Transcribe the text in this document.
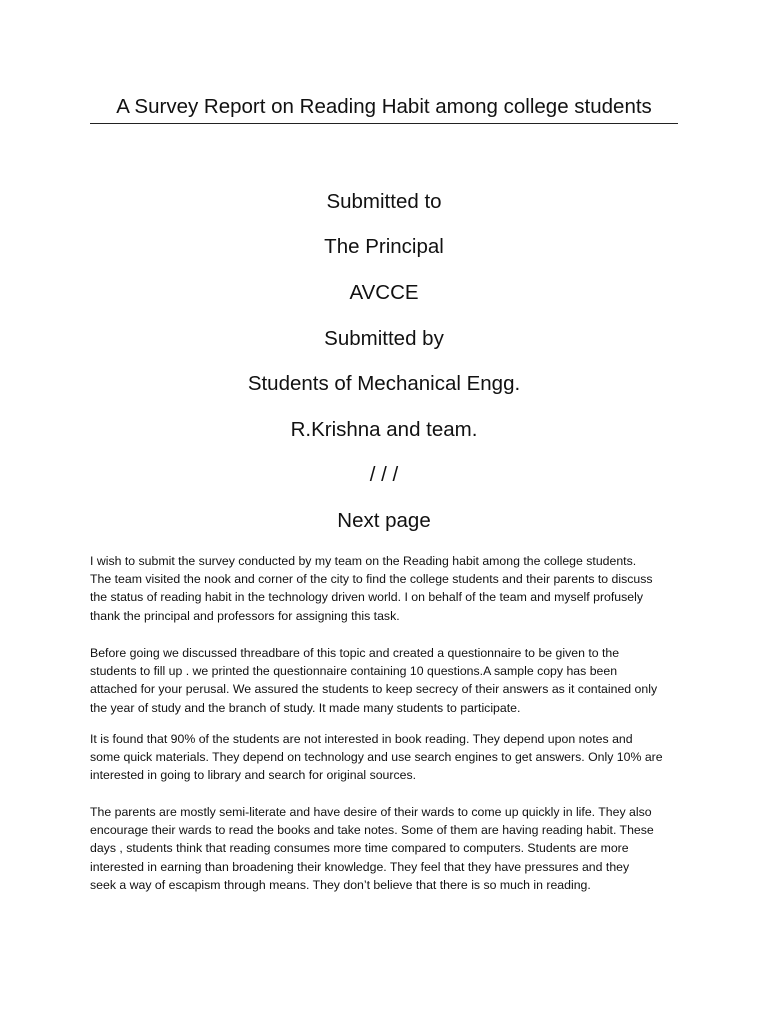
A Survey Report on Reading Habit among college students
Submitted to
The Principal
AVCCE
Submitted by
Students of Mechanical Engg.
R.Krishna and team.
/ / /
Next page

I wish to submit the survey conducted by my team on the Reading habit among the college students.
The team visited the nook and corner of the city to find the college students and their parents to discuss
the status of reading habit in the technology driven world. I on behalf of the team and myself profusely
thank the principal and professors for assigning this task.

Before going we discussed threadbare of this topic and created a questionnaire to be given to the
students to fill up . we printed the questionnaire containing 10 questions.A sample copy has been
attached for your perusal. We assured the students to keep secrecy of their answers as it contained only
the year of study and the branch of study. It made many students to participate.

It is found that 90% of the students are not interested in book reading. They depend upon notes and
some quick materials. They depend on technology and use search engines to get answers. Only 10% are
interested in going to library and search for original sources.

The parents are mostly semi-literate and have desire of their wards to come up quickly in life. They also
encourage their wards to read the books and take notes. Some of them are having reading habit. These
days , students think that reading consumes more time compared to computers. Students are more
interested in earning than broadening their knowledge. They feel that they have pressures and they
seek a way of escapism through means. They don’t believe that there is so much in reading.
